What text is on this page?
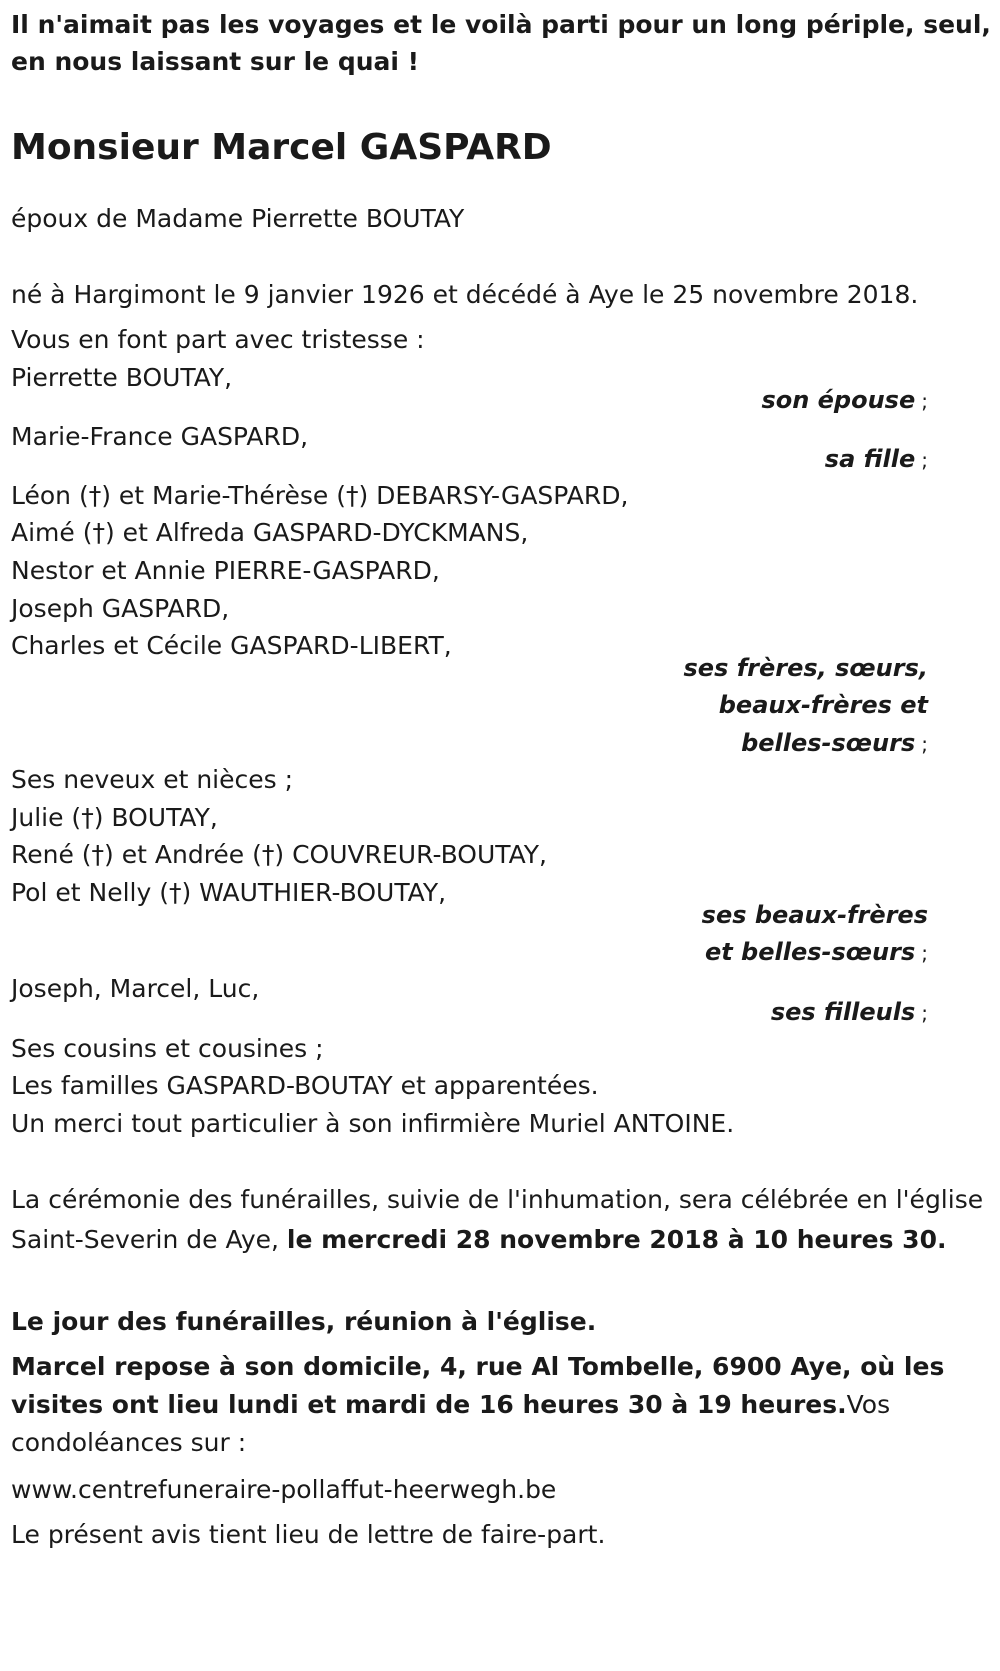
Il n'aimait pas les voyages et le voilà parti pour un long périple, seul,
en nous laissant sur le quai !
Monsieur Marcel GASPARD
époux de Madame Pierrette BOUTAY
né à Hargimont le 9 janvier 1926 et décédé à Aye le 25 novembre 2018.
Vous en font part avec tristesse :
Pierrette BOUTAY,
son épouse ;
Marie-France GASPARD,
sa fille ;
Léon (†) et Marie-Thérèse (†) DEBARSY-GASPARD,
Aimé (†) et Alfreda GASPARD-DYCKMANS,
Nestor et Annie PIERRE-GASPARD,
Joseph GASPARD,
Charles et Cécile GASPARD-LIBERT,
ses frères, sœurs,
beaux-frères et
belles-sœurs ;
Ses neveux et nièces ;
Julie (†) BOUTAY,
René (†) et Andrée (†) COUVREUR-BOUTAY,
Pol et Nelly (†) WAUTHIER-BOUTAY,
ses beaux-frères
et belles-sœurs ;
Joseph, Marcel, Luc,
ses filleuls ;
Ses cousins et cousines ;
Les familles GASPARD-BOUTAY et apparentées.
Un merci tout particulier à son infirmière Muriel ANTOINE.
La cérémonie des funérailles, suivie de l'inhumation, sera célébrée en l'église Saint-Severin de Aye, le mercredi 28 novembre 2018 à 10 heures 30.
Le jour des funérailles, réunion à l'église.
Marcel repose à son domicile, 4, rue Al Tombelle, 6900 Aye, où les visites ont lieu lundi et mardi de 16 heures 30 à 19 heures.Vos condoléances sur :
www.centrefuneraire-pollaffut-heerwegh.be
Le présent avis tient lieu de lettre de faire-part.
